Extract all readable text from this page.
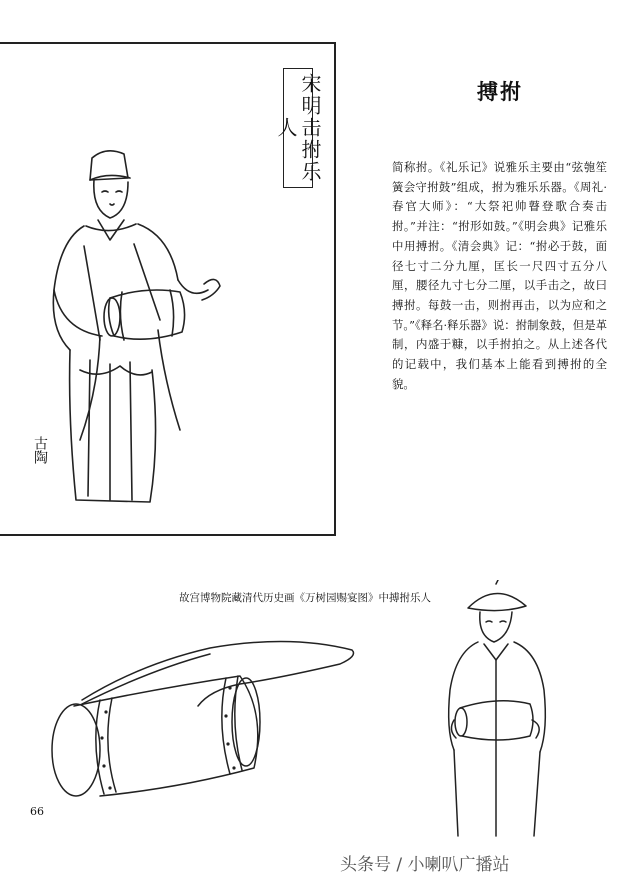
宋明击拊乐人
古陶
搏拊

简称拊。《礼乐记》说雅乐主要由“弦匏笙簧会守拊鼓”组成，拊为雅乐乐器。《周礼·春官大师》：“大祭祀帅瞽登歌合奏击拊。”并注：“拊形如鼓。”《明会典》记雅乐中用搏拊。《清会典》记：“拊必于鼓，面径七寸二分九厘，匡长一尺四寸五分八厘，腰径九寸七分二厘，以手击之，故曰搏拊。每鼓一击，则拊再击，以为应和之节。”《释名·释乐器》说：拊制象鼓，但是革制，内盛于糠，以手拊拍之。从上述各代的记载中，我们基本上能看到搏拊的全貌。

故宫博物院藏清代历史画《万树园赐宴图》中搏拊乐人
66
头条号 / 小喇叭广播站
